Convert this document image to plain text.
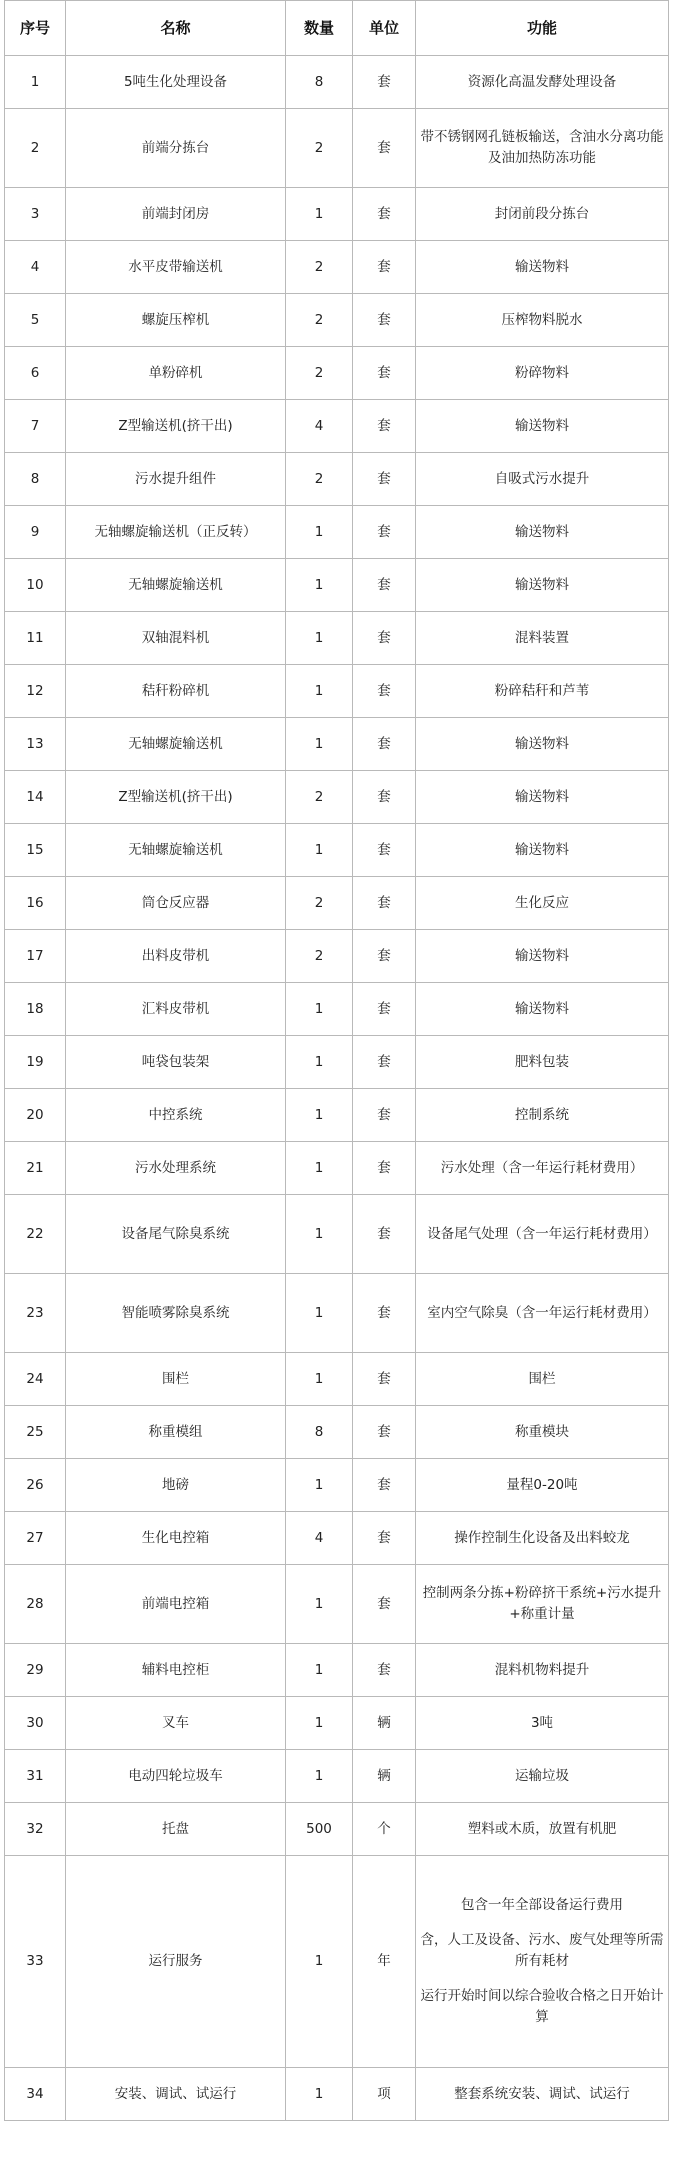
序号	名称	数量	单位	功能
1	5吨生化处理设备	8	套	资源化高温发酵处理设备
2	前端分拣台	2	套	带不锈钢网孔链板输送，含油水分离功能及油加热防冻功能
3	前端封闭房	1	套	封闭前段分拣台
4	水平皮带输送机	2	套	输送物料
5	螺旋压榨机	2	套	压榨物料脱水
6	单粉碎机	2	套	粉碎物料
7	Z型输送机(挤干出)	4	套	输送物料
8	污水提升组件	2	套	自吸式污水提升
9	无轴螺旋输送机（正反转）	1	套	输送物料
10	无轴螺旋输送机	1	套	输送物料
11	双轴混料机	1	套	混料装置
12	秸秆粉碎机	1	套	粉碎秸秆和芦苇
13	无轴螺旋输送机	1	套	输送物料
14	Z型输送机(挤干出)	2	套	输送物料
15	无轴螺旋输送机	1	套	输送物料
16	筒仓反应器	2	套	生化反应
17	出料皮带机	2	套	输送物料
18	汇料皮带机	1	套	输送物料
19	吨袋包装架	1	套	肥料包装
20	中控系统	1	套	控制系统
21	污水处理系统	1	套	污水处理（含一年运行耗材费用）
22	设备尾气除臭系统	1	套	设备尾气处理（含一年运行耗材费用）
23	智能喷雾除臭系统	1	套	室内空气除臭（含一年运行耗材费用）
24	围栏	1	套	围栏
25	称重模组	8	套	称重模块
26	地磅	1	套	量程0-20吨
27	生化电控箱	4	套	操作控制生化设备及出料蛟龙
28	前端电控箱	1	套	控制两条分拣+粉碎挤干系统+污水提升+称重计量
29	辅料电控柜	1	套	混料机物料提升
30	叉车	1	辆	3吨
31	电动四轮垃圾车	1	辆	运输垃圾
32	托盘	500	个	塑料或木质，放置有机肥
33	运行服务	1	年	包含一年全部设备运行费用
含，人工及设备、污水、废气处理等所需所有耗材
运行开始时间以综合验收合格之日开始计算

34	安装、调试、试运行	1	项	整套系统安装、调试、试运行
